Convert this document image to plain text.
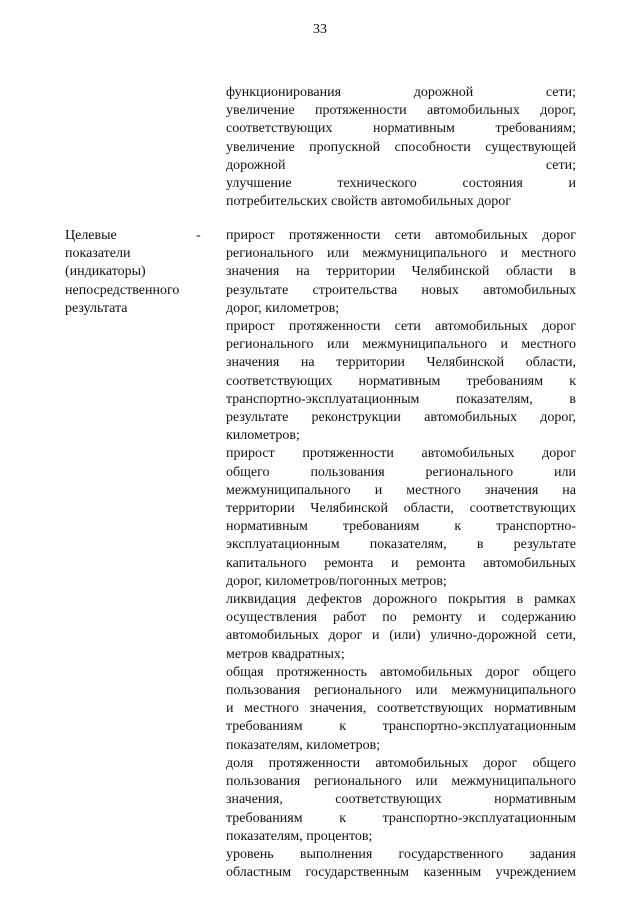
33
функционирования дорожной сети;
увеличение протяженности автомобильных дорог,
соответствующих нормативным требованиям;
увеличение пропускной способности существующей
дорожной сети;
улучшение технического состояния и
потребительских свойств автомобильных дорог
Целевые
показатели
(индикаторы)
непосредственного
результата
- прирост протяженности сети автомобильных дорог
регионального или межмуниципального и местного
значения на территории Челябинской области в
результате строительства новых автомобильных
дорог, километров;
прирост протяженности сети автомобильных дорог
регионального или межмуниципального и местного
значения на территории Челябинской области,
соответствующих нормативным требованиям к
транспортно-эксплуатационным показателям, в
результате реконструкции автомобильных дорог,
километров;
прирост протяженности автомобильных дорог
общего пользования регионального или
межмуниципального и местного значения на
территории Челябинской области, соответствующих
нормативным требованиям к транспортно-
эксплуатационным показателям, в результате
капитального ремонта и ремонта автомобильных
дорог, километров/погонных метров;
ликвидация дефектов дорожного покрытия в рамках
осуществления работ по ремонту и содержанию
автомобильных дорог и (или) улично-дорожной сети,
метров квадратных;
общая протяженность автомобильных дорог общего
пользования регионального или межмуниципального
и местного значения, соответствующих нормативным
требованиям к транспортно-эксплуатационным
показателям, километров;
доля протяженности автомобильных дорог общего
пользования регионального или межмуниципального
значения, соответствующих нормативным
требованиям к транспортно-эксплуатационным
показателям, процентов;
уровень выполнения государственного задания
областным государственным казенным учреждением
